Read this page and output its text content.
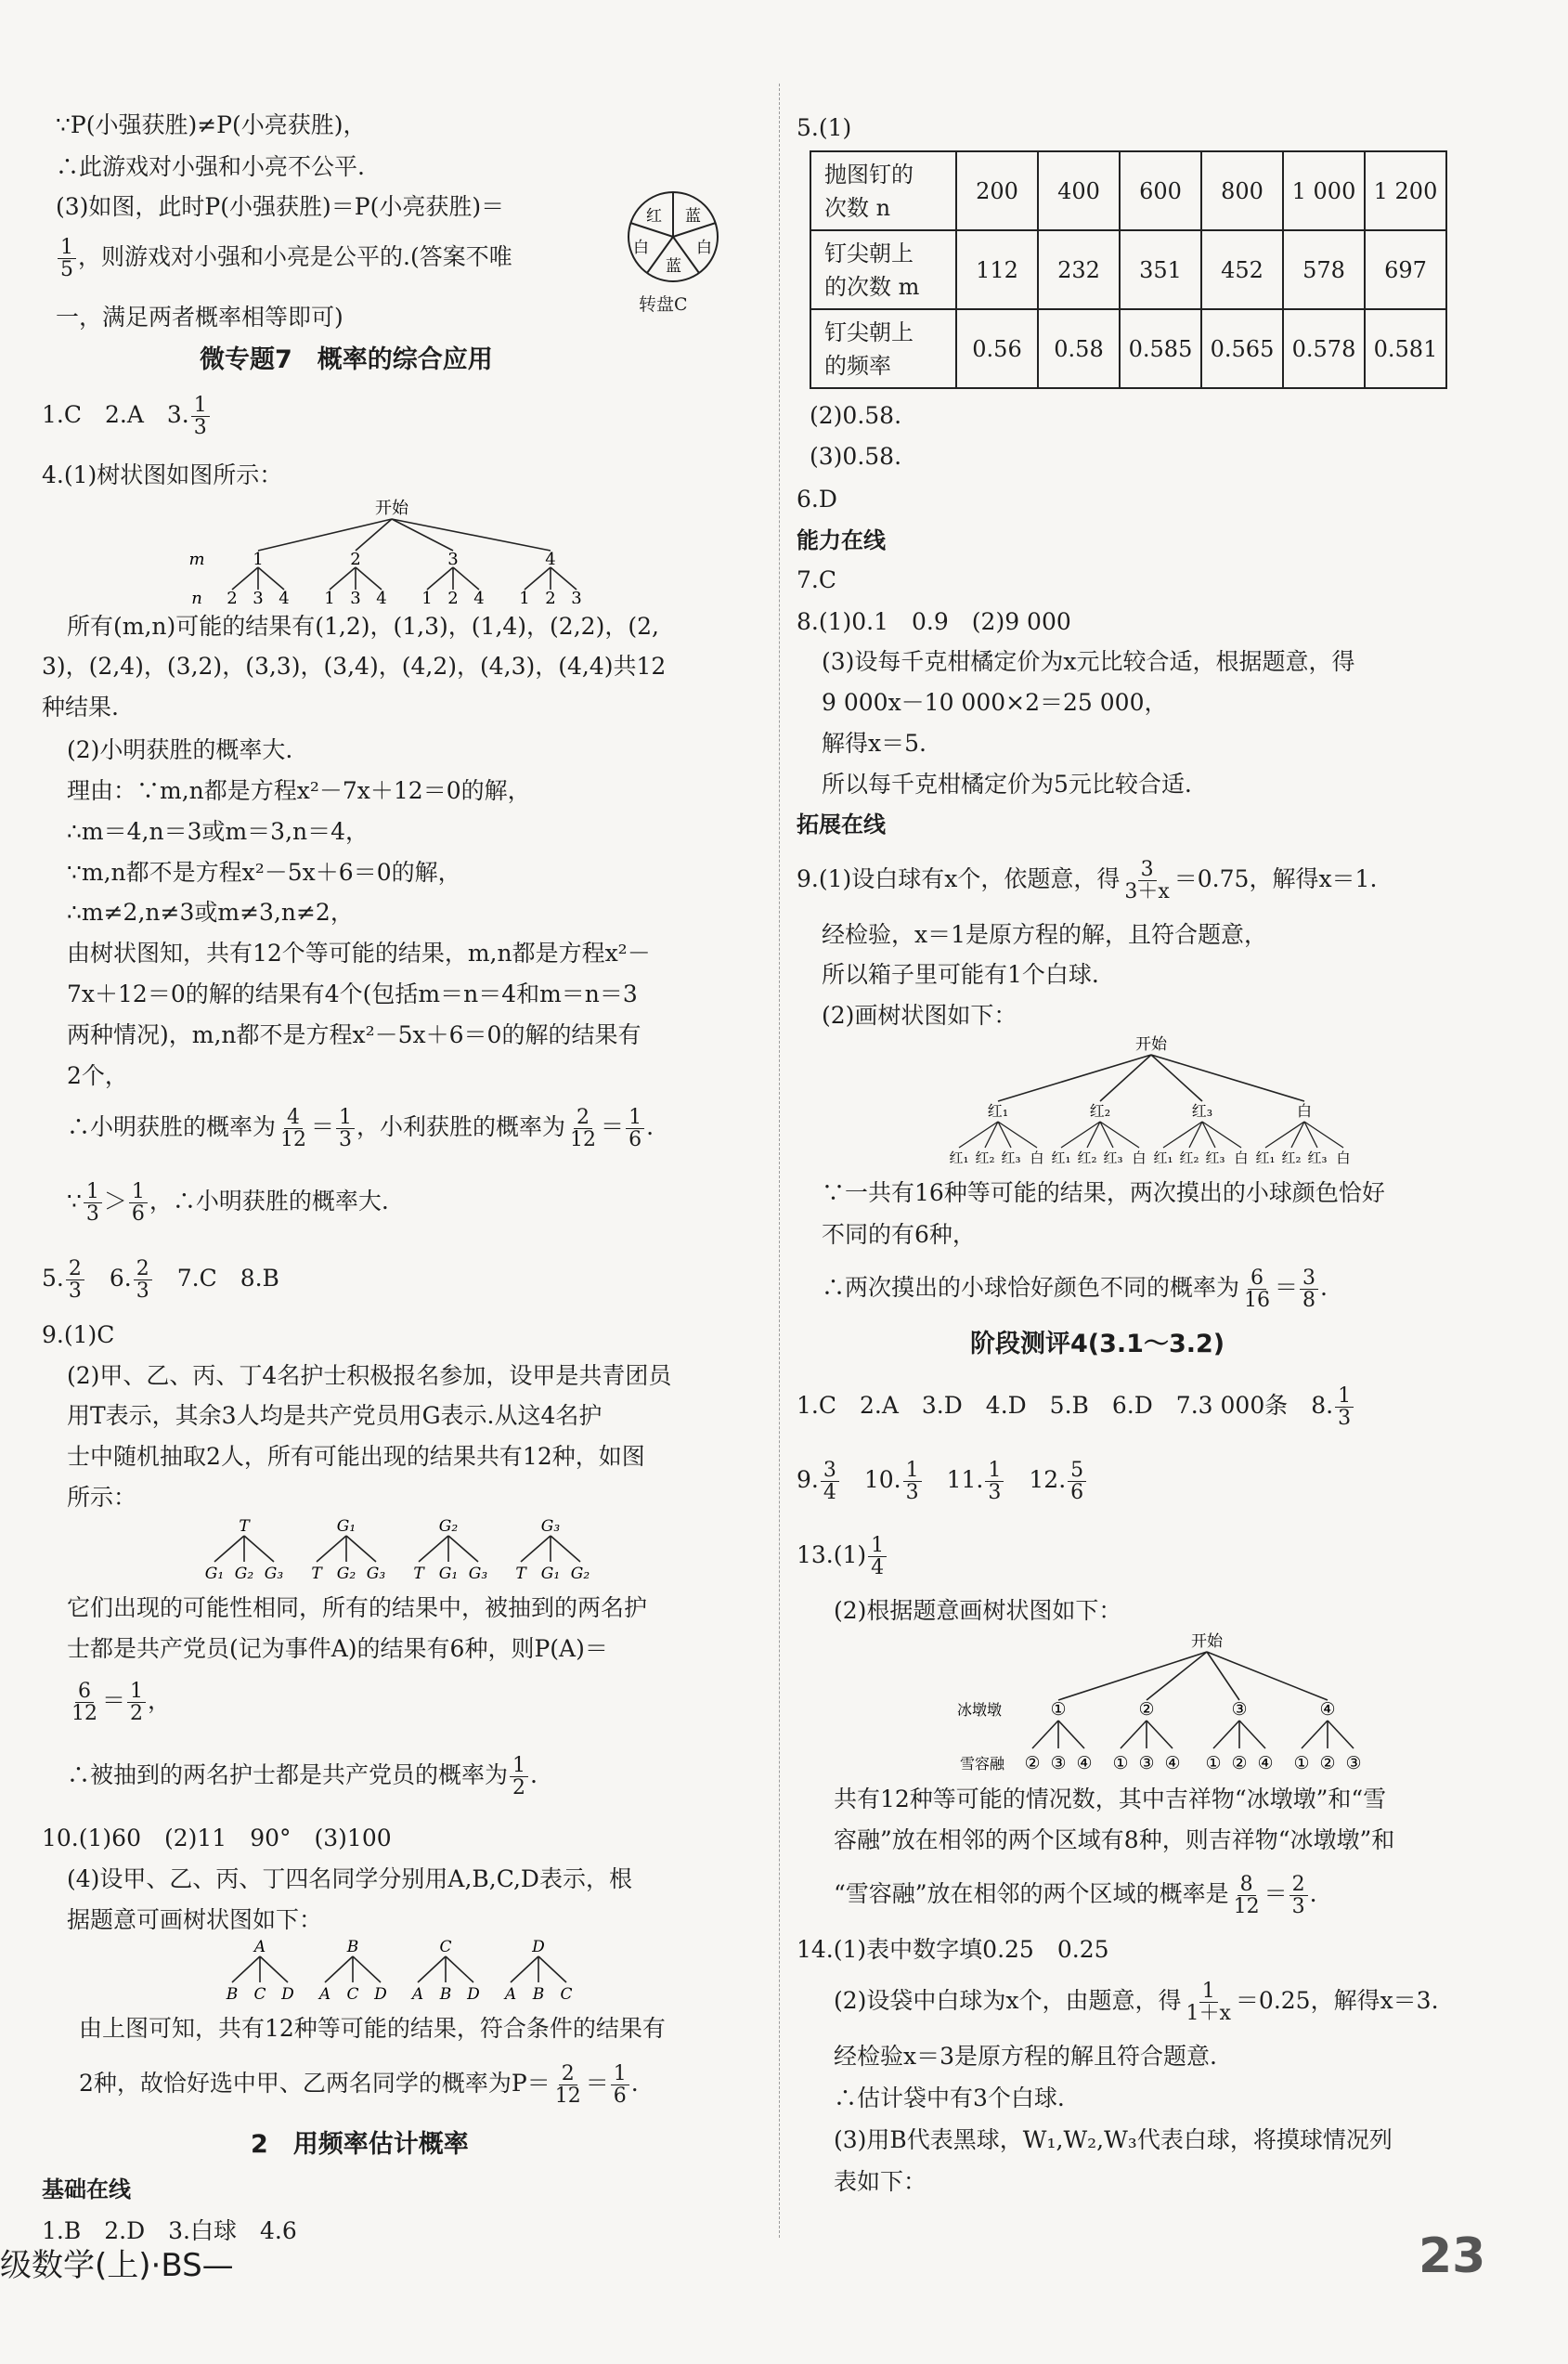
∵P(小强获胜)≠P(小亮获胜)，
∴此游戏对小强和小亮不公平.
(3)如图，此时P(小强获胜)＝P(小亮获胜)＝
$\frac{1}{5}$ ，则游戏对小强和小亮是公平的.(答案不唯
一，满足两者概率相等即可)
红 蓝
白
蓝
白
转盘C
微专题7　概率的综合应用
1.C　2.A　3. $\frac{1}{3}$
4.(1)树状图如图所示：
开始
m	1	2	3	4
n 2 3 4 1 3 4 1 2 4 1 2 3
所有(m,n)可能的结果有(1,2)，(1,3)，(1,4)，(2,2)，(2,
3)，(2,4)，(3,2)，(3,3)，(3,4)，(4,2)，(4,3)，(4,4)共12
种结果.
(2)小明获胜的概率大.
理由：∵m,n都是方程x²－7x＋12＝0的解，
∴m＝4,n＝3或m＝3,n＝4，
∵m,n都不是方程x²－5x＋6＝0的解，
∴m≠2,n≠3或m≠3,n≠2，
由树状图知，共有12个等可能的结果，m,n都是方程x²－
7x＋12＝0的解的结果有4个(包括m＝n＝4和m＝n＝3
两种情况)，m,n都不是方程x²－5x＋6＝0的解的结果有
2个，
∴小明获胜的概率为 $\frac{4}{12} = \frac{1}{3}$ ，小利获胜的概率为 $\frac{2}{12} = \frac{1}{6}$ .
∵ $\frac{1}{3} > \frac{1}{6}$ ，∴小明获胜的概率大.
5. $\frac{2}{3}$ 　6. $\frac{2}{3}$ 　7.C　8.B
9.(1)C
(2)甲、乙、丙、丁4名护士积极报名参加，设甲是共青团员
用T表示，其余3人均是共产党员用G表示.从这4名护
士中随机抽取2人，所有可能出现的结果共有12种，如图
所示：
T	G₁	G₂	G₃
G₁ G₂ G₃ T G₂ G₃ T G₁ G₃ T G₁ G₂
它们出现的可能性相同，所有的结果中，被抽到的两名护
士都是共产党员(记为事件A)的结果有6种，则P(A)＝
$\frac{6}{12} = \frac{1}{2}$ ，
∴被抽到的两名护士都是共产党员的概率为 $\frac{1}{2}$ .
10.(1)60　(2)11　90°　(3)100
(4)设甲、乙、丙、丁四名同学分别用A,B,C,D表示，根
据题意可画树状图如下：
A	B	C	D
B C D A C D A B D A B C
由上图可知，共有12种等可能的结果，符合条件的结果有
2种，故恰好选中甲、乙两名同学的概率为$P= \frac{2}{12} = \frac{1}{6}$ .
2　用频率估计概率
基础在线
1.B　2.D　3.白球　4.6
5.(1)
抛图钉的
次数 n	200	400	600	800	1 000	1 200
钉尖朝上
的次数 m	112	232	351	452	578	697
钉尖朝上
的频率	0.56	0.58	0.585	0.565	0.578	0.581
(2)0.58.
(3)0.58.
6.D
能力在线
7.C
8.(1)0.1　0.9　(2)9 000
(3)设每千克柑橘定价为x元比较合适，根据题意，得
9 000x－10 000×2＝25 000，
解得x＝5.
所以每千克柑橘定价为5元比较合适.
拓展在线
9.(1)设白球有x个，依题意，得 $\frac{3}{3+x} =0.75$，解得x＝1.
经检验，x＝1是原方程的解，且符合题意，
所以箱子里可能有1个白球.
(2)画树状图如下：
开始
红₁	红₂	红₃	白
红₁ 红₂ 红₃ 白 红₁ 红₂ 红₃ 白 红₁ 红₂ 红₃ 白 红₁ 红₂ 红₃ 白
∵一共有16种等可能的结果，两次摸出的小球颜色恰好
不同的有6种，
∴两次摸出的小球恰好颜色不同的概率为 $\frac{6}{16} = \frac{3}{8}$ .
阶段测评4(3.1～3.2)
1.C　2.A　3.D　4.D　5.B　6.D　7.3 000条　8. $\frac{1}{3}$
9. $\frac{3}{4}$ 　10. $\frac{1}{3}$ 　11. $\frac{1}{3}$ 　12. $\frac{5}{6}$
$13.(1) \frac{1}{4}$
(2)根据题意画树状图如下：
开始
冰墩墩	①	②	③	④
雪容融 ② ③ ④ ① ③ ④ ① ② ④ ① ② ③
共有12种等可能的情况数，其中吉祥物“冰墩墩”和“雪
容融”放在相邻的两个区域有8种，则吉祥物“冰墩墩”和
“雪容融”放在相邻的两个区域的概率是 $\frac{8}{12} = \frac{2}{3}$ .
14.(1)表中数字填0.25　0.25
(2)设袋中白球为x个，由题意，得 $\frac{1}{1+x} =0.25$，解得x＝3.
经检验x＝3是原方程的解且符合题意.
∴估计袋中有3个白球.
(3)用B代表黑球，W₁,W₂,W₃代表白球，将摸球情况列
表如下：
级数学(上)·BS—	23
